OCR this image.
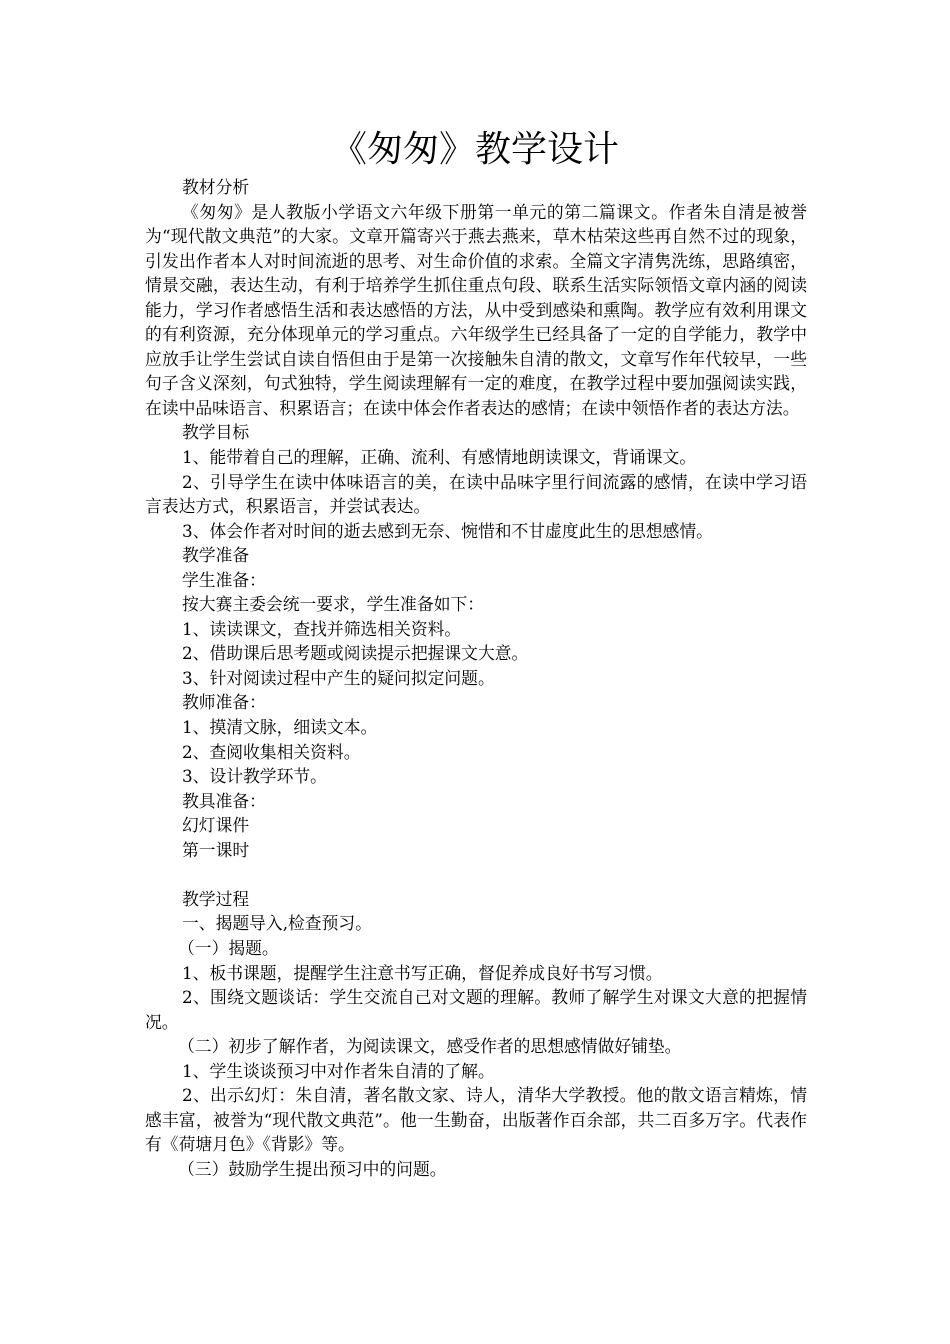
《匆匆》教学设计

教材分析

《匆匆》是人教版小学语文六年级下册第一单元的第二篇课文。作者朱自清是被誉为“现代散文典范”的大家。文章开篇寄兴于燕去燕来，草木枯荣这些再自然不过的现象，引发出作者本人对时间流逝的思考、对生命价值的求索。全篇文字清隽洗练，思路缜密，情景交融，表达生动，有利于培养学生抓住重点句段、联系生活实际领悟文章内涵的阅读能力，学习作者感悟生活和表达感悟的方法，从中受到感染和熏陶。教学应有效利用课文的有利资源，充分体现单元的学习重点。六年级学生已经具备了一定的自学能力，教学中应放手让学生尝试自读自悟但由于是第一次接触朱自清的散文，文章写作年代较早，一些句子含义深刻，句式独特，学生阅读理解有一定的难度，在教学过程中要加强阅读实践，在读中品味语言、积累语言；在读中体会作者表达的感情；在读中领悟作者的表达方法。

教学目标

1、能带着自己的理解，正确、流利、有感情地朗读课文，背诵课文。

2、引导学生在读中体味语言的美，在读中品味字里行间流露的感情，在读中学习语言表达方式，积累语言，并尝试表达。

3、体会作者对时间的逝去感到无奈、惋惜和不甘虚度此生的思想感情。

教学准备

学生准备：

按大赛主委会统一要求，学生准备如下：

1、读读课文，查找并筛选相关资料。

2、借助课后思考题或阅读提示把握课文大意。

3、针对阅读过程中产生的疑问拟定问题。

教师准备：

1、摸清文脉，细读文本。

2、查阅收集相关资料。

3、设计教学环节。

教具准备：

幻灯课件

第一课时

教学过程

一、揭题导入,检查预习。

（一）揭题。

1、板书课题，提醒学生注意书写正确，督促养成良好书写习惯。

2、围绕文题谈话：学生交流自己对文题的理解。教师了解学生对课文大意的把握情况。

（二）初步了解作者，为阅读课文，感受作者的思想感情做好铺垫。

1、学生谈谈预习中对作者朱自清的了解。

2、出示幻灯：朱自清，著名散文家、诗人，清华大学教授。他的散文语言精炼，情感丰富，被誉为“现代散文典范”。他一生勤奋，出版著作百余部，共二百多万字。代表作有《荷塘月色》《背影》等。

（三）鼓励学生提出预习中的问题。
